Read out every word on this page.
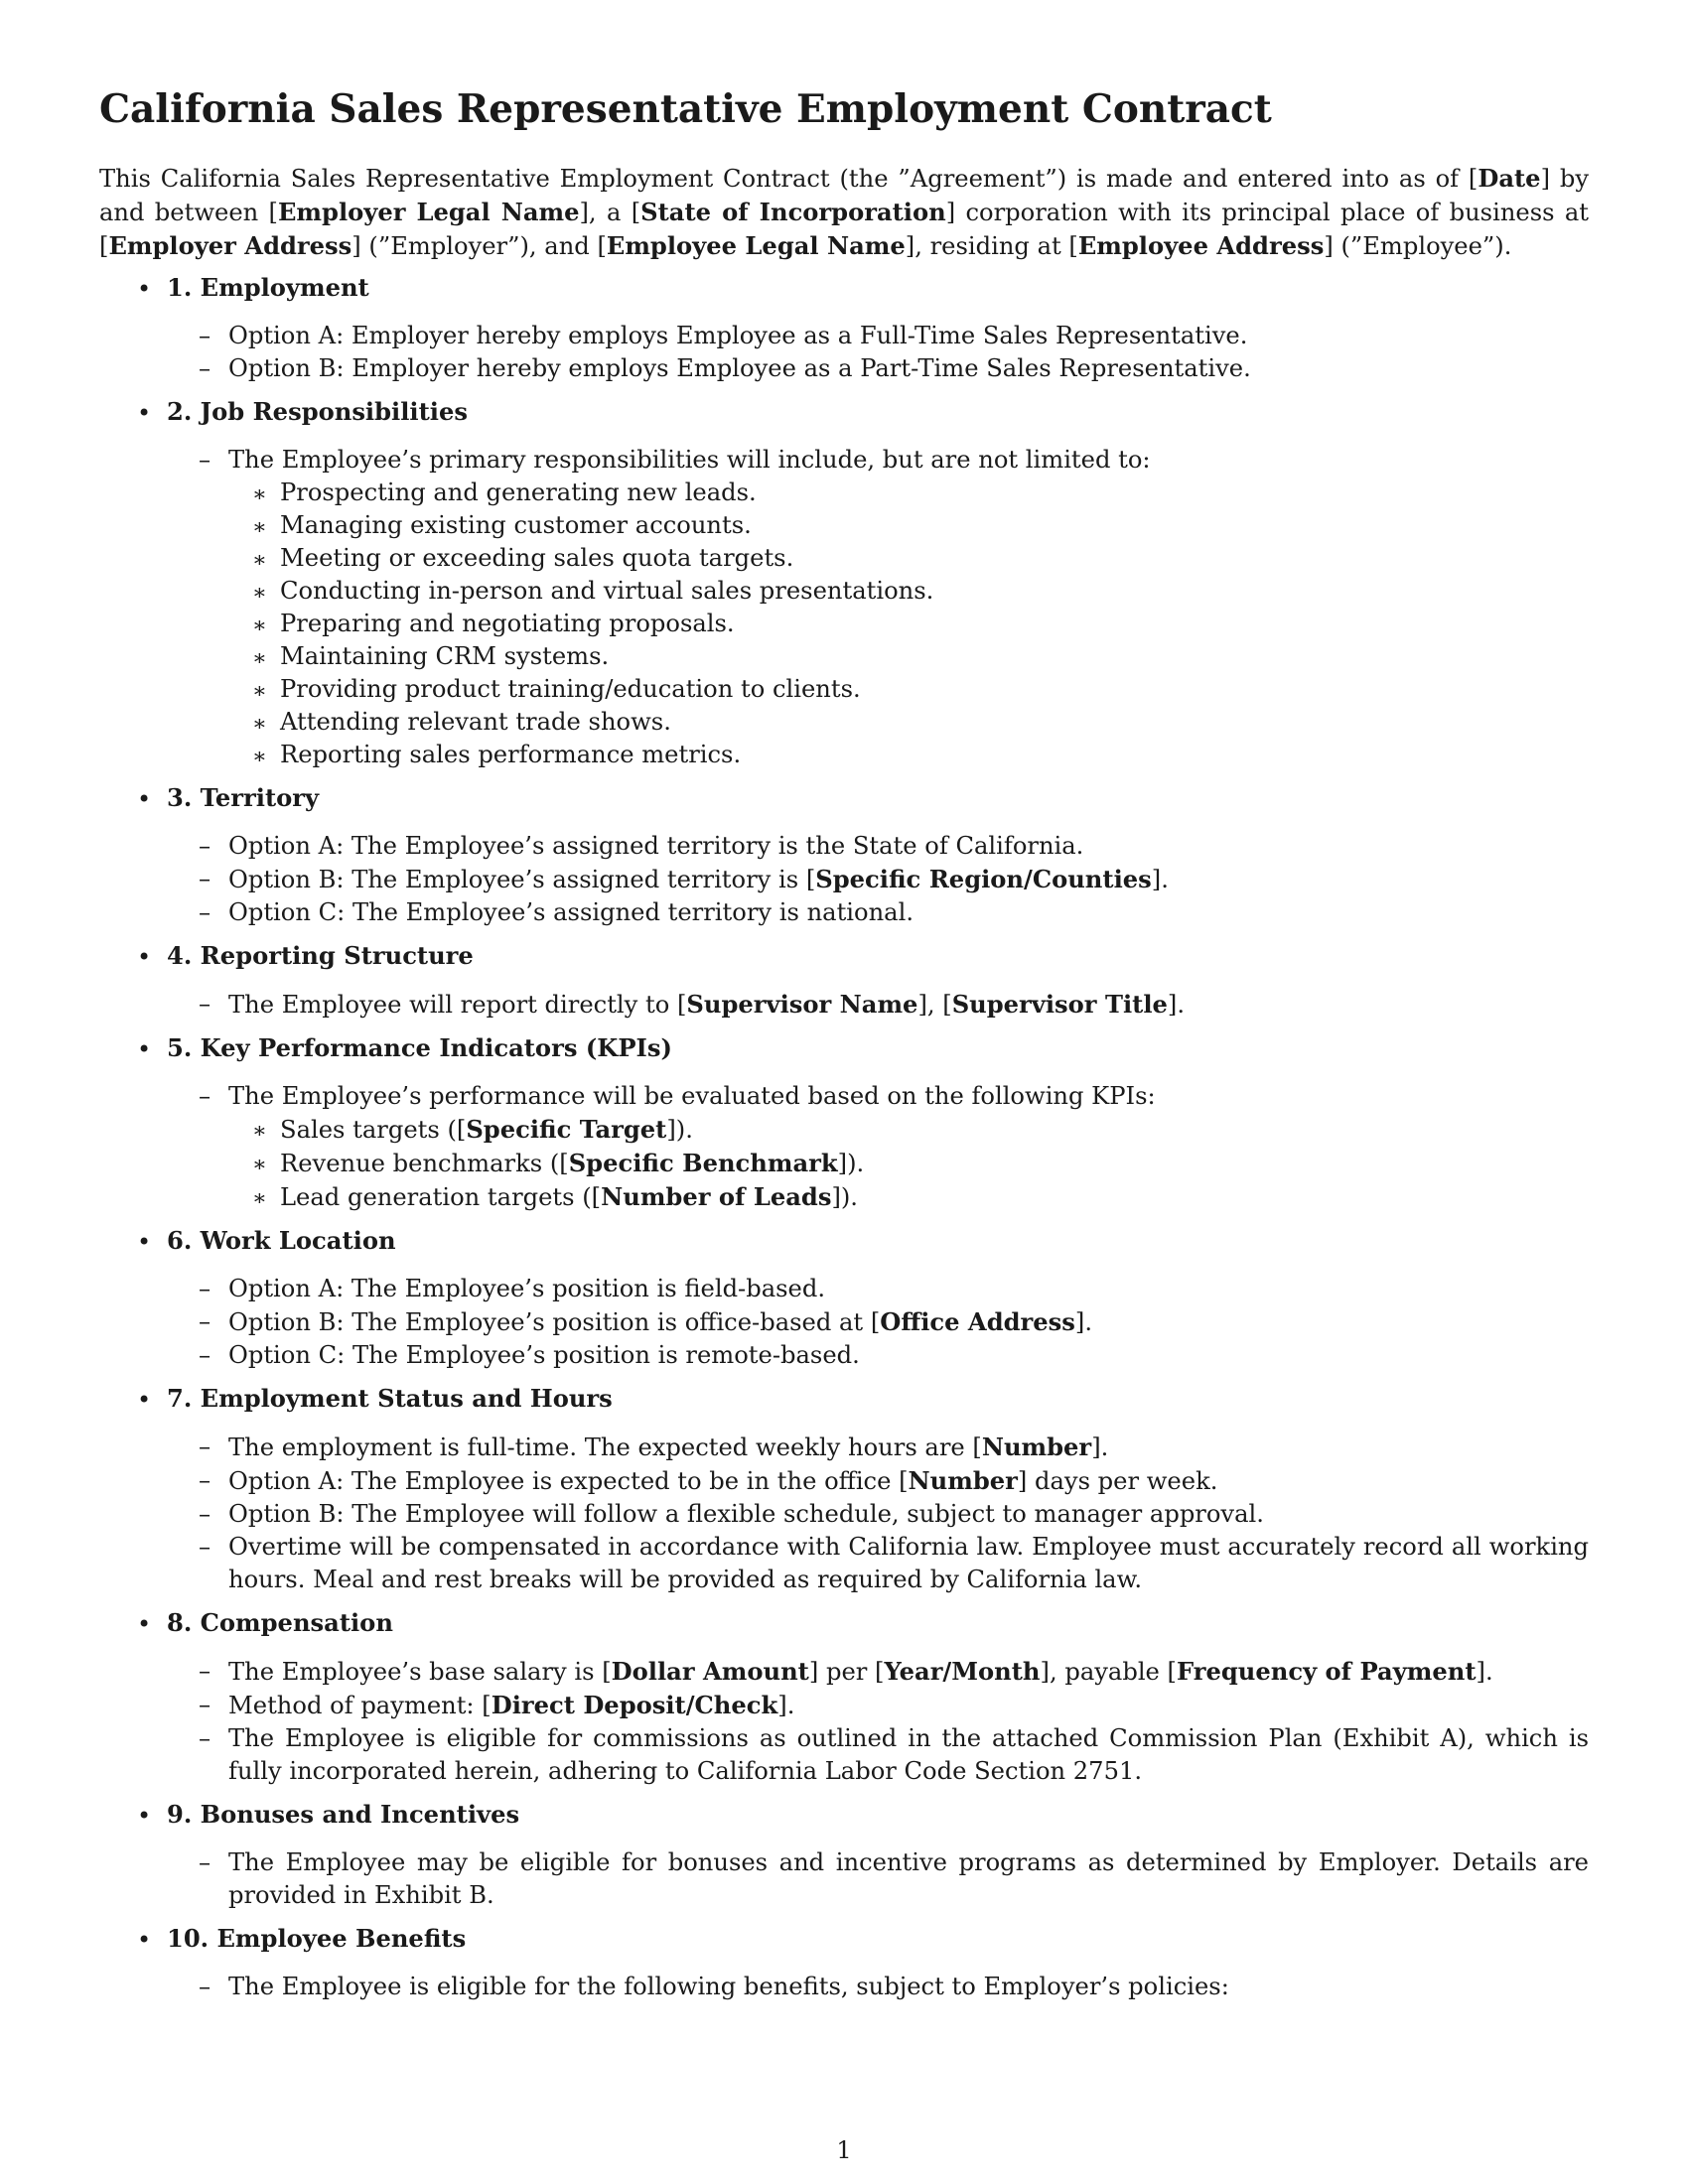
California Sales Representative Employment Contract

This California Sales Representative Employment Contract (the ”Agreement”) is made and entered into as of [Date] by and between [Employer Legal Name], a [State of Incorporation] corporation with its principal place of business at [Employer Address] (”Employer”), and [Employee Legal Name], residing at [Employee Address] (”Employee”).

• 1. Employment
– Option A: Employer hereby employs Employee as a Full-Time Sales Representative.
– Option B: Employer hereby employs Employee as a Part-Time Sales Representative.
• 2. Job Responsibilities
– The Employee’s primary responsibilities will include, but are not limited to:
∗ Prospecting and generating new leads.
∗ Managing existing customer accounts.
∗ Meeting or exceeding sales quota targets.
∗ Conducting in-person and virtual sales presentations.
∗ Preparing and negotiating proposals.
∗ Maintaining CRM systems.
∗ Providing product training/education to clients.
∗ Attending relevant trade shows.
∗ Reporting sales performance metrics.
• 3. Territory
– Option A: The Employee’s assigned territory is the State of California.
– Option B: The Employee’s assigned territory is [Specific Region/Counties].
– Option C: The Employee’s assigned territory is national.
• 4. Reporting Structure
– The Employee will report directly to [Supervisor Name], [Supervisor Title].
• 5. Key Performance Indicators (KPIs)
– The Employee’s performance will be evaluated based on the following KPIs:
∗ Sales targets ([Specific Target]).
∗ Revenue benchmarks ([Specific Benchmark]).
∗ Lead generation targets ([Number of Leads]).
• 6. Work Location
– Option A: The Employee’s position is field-based.
– Option B: The Employee’s position is office-based at [Office Address].
– Option C: The Employee’s position is remote-based.
• 7. Employment Status and Hours
– The employment is full-time. The expected weekly hours are [Number].
– Option A: The Employee is expected to be in the office [Number] days per week.
– Option B: The Employee will follow a flexible schedule, subject to manager approval.
– Overtime will be compensated in accordance with California law. Employee must accurately record all working hours. Meal and rest breaks will be provided as required by California law.
• 8. Compensation
– The Employee’s base salary is [Dollar Amount] per [Year/Month], payable [Frequency of Payment].
– Method of payment: [Direct Deposit/Check].
– The Employee is eligible for commissions as outlined in the attached Commission Plan (Exhibit A), which is fully incorporated herein, adhering to California Labor Code Section 2751.
• 9. Bonuses and Incentives
– The Employee may be eligible for bonuses and incentive programs as determined by Employer. Details are provided in Exhibit B.
• 10. Employee Benefits
– The Employee is eligible for the following benefits, subject to Employer’s policies:
1
